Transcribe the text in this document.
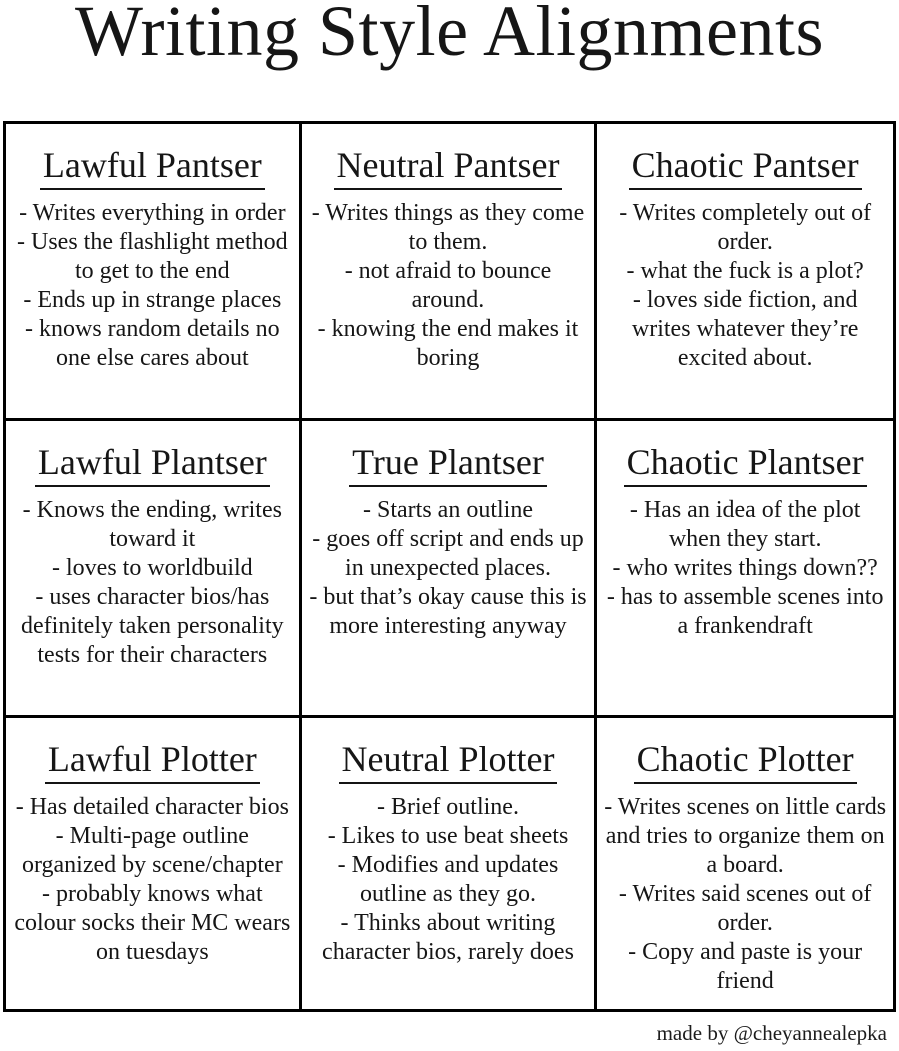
Writing Style Alignments
Lawful Pantser
- Writes everything in order
- Uses the flashlight method to get to the end
- Ends up in strange places
- knows random details no one else cares about
Neutral Pantser
- Writes things as they come to them.
- not afraid to bounce around.
- knowing the end makes it boring
Chaotic Pantser
- Writes completely out of order.
- what the fuck is a plot?
- loves side fiction, and writes whatever they’re excited about.
Lawful Plantser
- Knows the ending, writes toward it
- loves to worldbuild
- uses character bios/has definitely taken personality tests for their characters
True Plantser
- Starts an outline
- goes off script and ends up in unexpected places.
- but that’s okay cause this is more interesting anyway
Chaotic Plantser
- Has an idea of the plot when they start.
- who writes things down??
- has to assemble scenes into a frankendraft
Lawful Plotter
- Has detailed character bios
- Multi-page outline organized by scene/chapter
- probably knows what colour socks their MC wears on tuesdays
Neutral Plotter
- Brief outline.
- Likes to use beat sheets
- Modifies and updates outline as they go.
- Thinks about writing character bios, rarely does
Chaotic Plotter
- Writes scenes on little cards and tries to organize them on a board.
- Writes said scenes out of order.
- Copy and paste is your friend
made by @cheyannealepka
